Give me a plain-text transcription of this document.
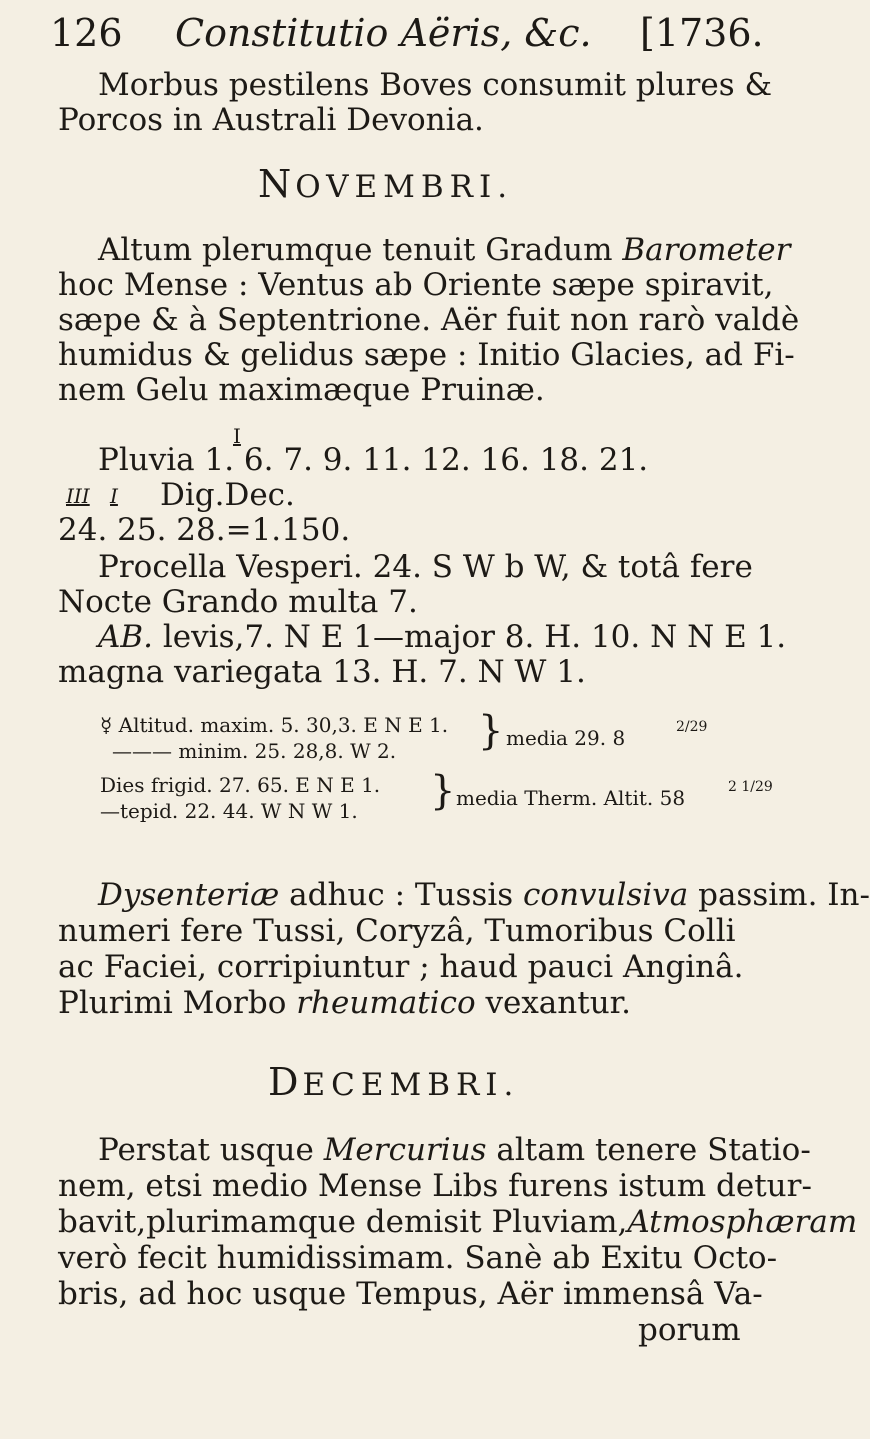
126 Constitutio Aëris, &c. [1736.
Morbus pestilens Boves consumit plures &
Porcos in Australi Devonia.
NOVEMBRI.
Altum plerumque tenuit Gradum Barometer
hoc Mense : Ventus ab Oriente sæpe spiravit,
sæpe & à Septentrione. Aër fuit non rarò valdè
humidus & gelidus sæpe : Initio Glacies, ad Fi-
nem Gelu maximæque Pruinæ.
I
Pluvia 1. 6. 7. 9. 11. 12. 16. 18. 21.
III I Dig.Dec.
24. 25. 28.=1.150.
Procella Vesperi. 24. S W b W, & totâ fere
Nocte Grando multa 7.
AB. levis,7. N E 1—major 8. H. 10. N N E 1.
magna variegata 13. H. 7. N W 1.
☿ Altitud. maxim. 5. 30,3. E N E 1.
——— minim. 25. 28,8. W 2. } media 29. 8	2/29
Dies frigid. 27. 65. E N E 1.
—tepid. 22. 44. W N W 1. } media Therm. Altit. 58	2 1/29
Dysenteriæ adhuc : Tussis convulsiva passim. In-
numeri fere Tussi, Coryzâ, Tumoribus Colli
ac Faciei, corripiuntur ; haud pauci Anginâ.
Plurimi Morbo rheumatico vexantur.
DECEMBRI.
Perstat usque Mercurius altam tenere Statio-
nem, etsi medio Mense Libs furens istum detur-
bavit,plurimamque demisit Pluviam,Atmosphæram
verò fecit humidissimam. Sanè ab Exitu Octo-
bris, ad hoc usque Tempus, Aër immensâ Va-
porum
